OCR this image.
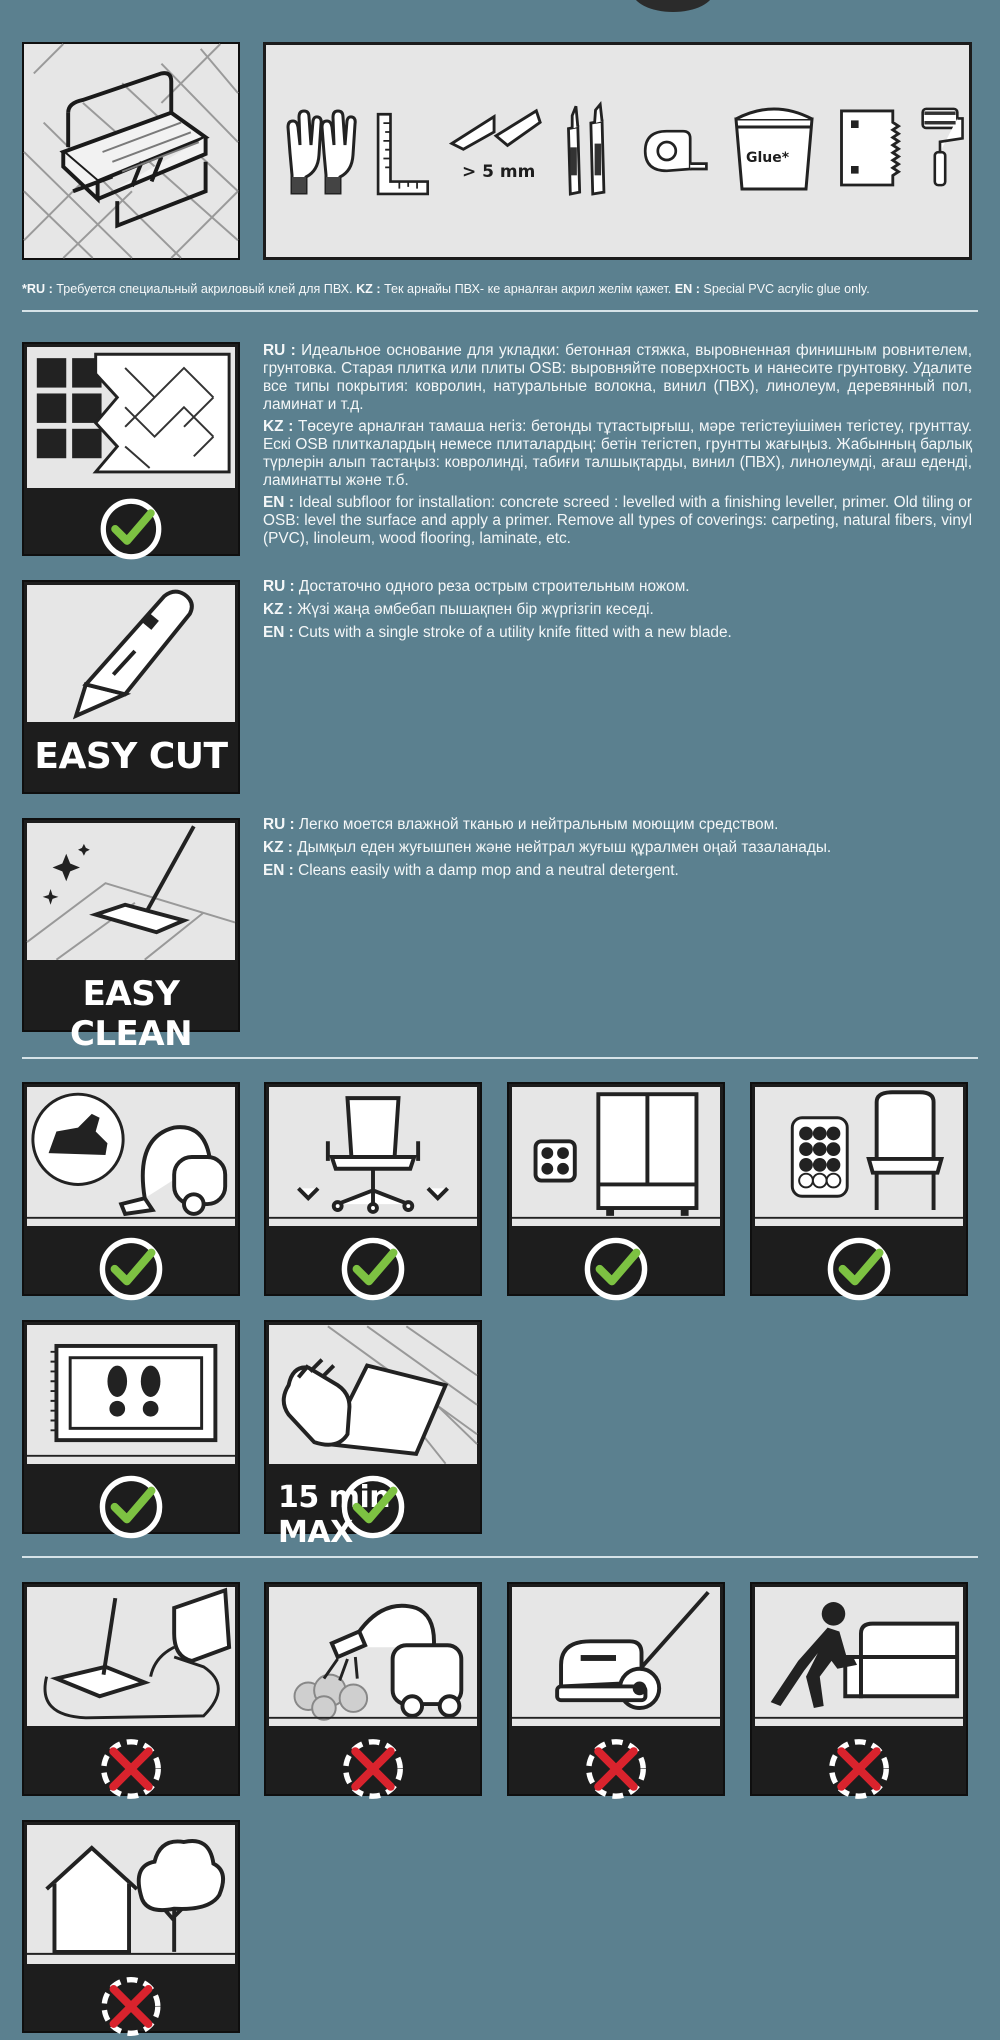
> 5 mm
Glue*
*RU : Требуется специальный акриловый клей для ПВХ. KZ : Тек арнайы ПВХ- ке арналған акрил желім қажет. EN : Special PVC acrylic glue only.
RU : Идеальное основание для укладки: бетонная стяжка, выровненная финишным ровнителем, грунтовка. Старая плитка или плиты OSB: выровняйте поверхность и нанесите грунтовку. Удалите все типы покрытия: ковролин, натуральные волокна, винил (ПВХ), линолеум, деревянный пол, ламинат и т.д.
KZ : Төсеуге арналған тамаша негіз: бетонды тұтастырғыш, мәре тегістеуішімен тегістеу, грунттау. Ескі OSB плиткалардың немесе плиталардың: бетін тегістеп, грунтты жағыңыз. Жабынның барлық түрлерін алып тастаңыз: ковролинді, табиғи талшықтарды, винил (ПВХ), линолеумді, ағаш еденді, ламинатты және т.б.
EN : Ideal subfloor for installation: concrete screed : levelled with a finishing leveller, primer. Old tiling or OSB: level the surface and apply a primer. Remove all types of coverings: carpeting, natural fibers, vinyl (PVC), linoleum, wood flooring, laminate, etc.
EASY CUT
RU : Достаточно одного реза острым строительным ножом.
KZ : Жүзі жаңа әмбебап пышақпен бір жүргізгіп кеседі.
EN : Cuts with a single stroke of a utility knife fitted with a new blade.
EASY CLEAN
RU : Легко моется влажной тканью и нейтральным моющим средством.
KZ : Дымқыл еден жуғышпен және нейтрал жуғыш құралмен оңай тазаланады.
EN : Cleans easily with a damp mop and a neutral detergent.
15 min MAX
